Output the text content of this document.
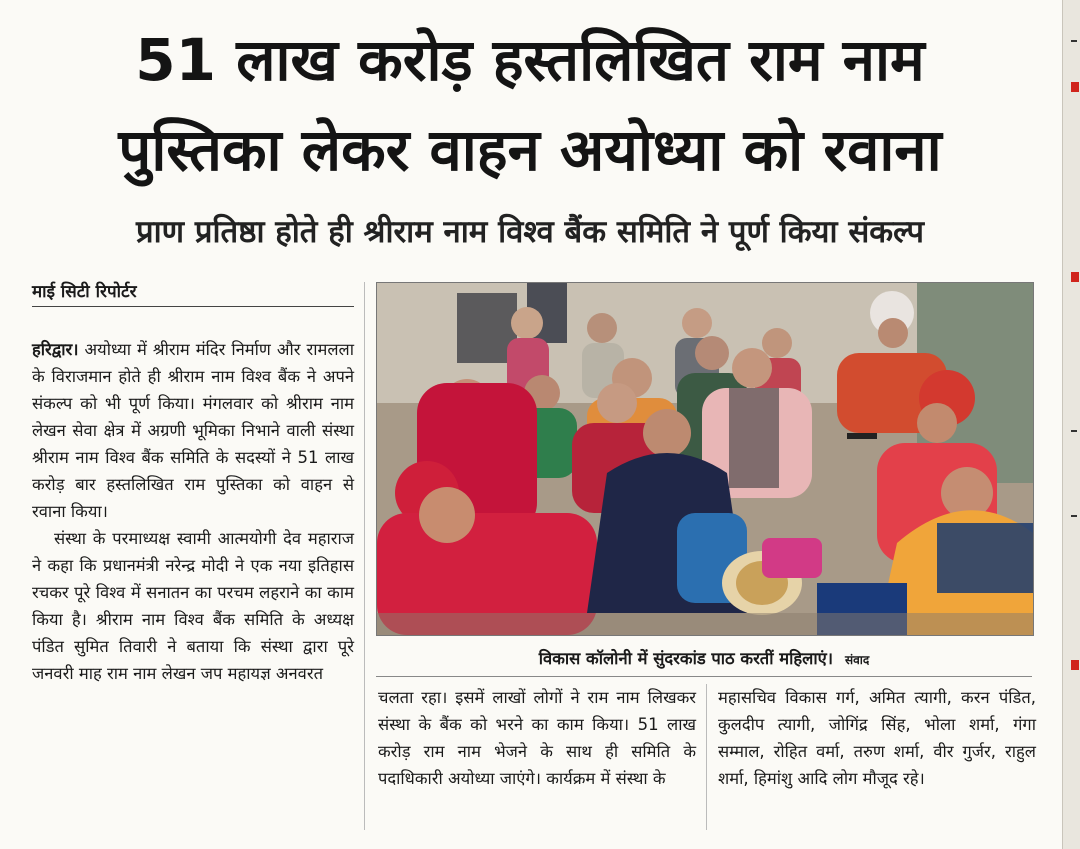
51 लाख करोड़ हस्तलिखित राम नाम
पुस्तिका लेकर वाहन अयोध्या को रवाना
प्राण प्रतिष्ठा होते ही श्रीराम नाम विश्व बैंक समिति ने पूर्ण किया संकल्प
माई सिटी रिपोर्टर

हरिद्वार। अयोध्या में श्रीराम मंदिर निर्माण और रामलला के विराजमान होते ही श्रीराम नाम विश्व बैंक ने अपने संकल्प को भी पूर्ण किया। मंगलवार को श्रीराम नाम लेखन सेवा क्षेत्र में अग्रणी भूमिका निभाने वाली संस्था श्रीराम नाम विश्व बैंक समिति के सदस्यों ने 51 लाख करोड़ बार हस्तलिखित राम पुस्तिका को वाहन से रवाना किया।

संस्था के परमाध्यक्ष स्वामी आत्मयोगी देव महाराज ने कहा कि प्रधानमंत्री नरेन्द्र मोदी ने एक नया इतिहास रचकर पूरे विश्व में सनातन का परचम लहराने का काम किया है। श्रीराम नाम विश्व बैंक समिति के अध्यक्ष पंडित सुमित तिवारी ने बताया कि संस्था द्वारा पूरे जनवरी माह राम नाम लेखन जप महायज्ञ अनवरत

विकास कॉलोनी में सुंदरकांड पाठ करतीं महिलाएं। संवाद

चलता रहा। इसमें लाखों लोगों ने राम नाम लिखकर संस्था के बैंक को भरने का काम किया। 51 लाख करोड़ राम नाम भेजने के साथ ही समिति के पदाधिकारी अयोध्या जाएंगे। कार्यक्रम में संस्था के

महासचिव विकास गर्ग, अमित त्यागी, करन पंडित, कुलदीप त्यागी, जोगिंद्र सिंह, भोला शर्मा, गंगा सम्माल, रोहित वर्मा, तरुण शर्मा, वीर गुर्जर, राहुल शर्मा, हिमांशु आदि लोग मौजूद रहे।
